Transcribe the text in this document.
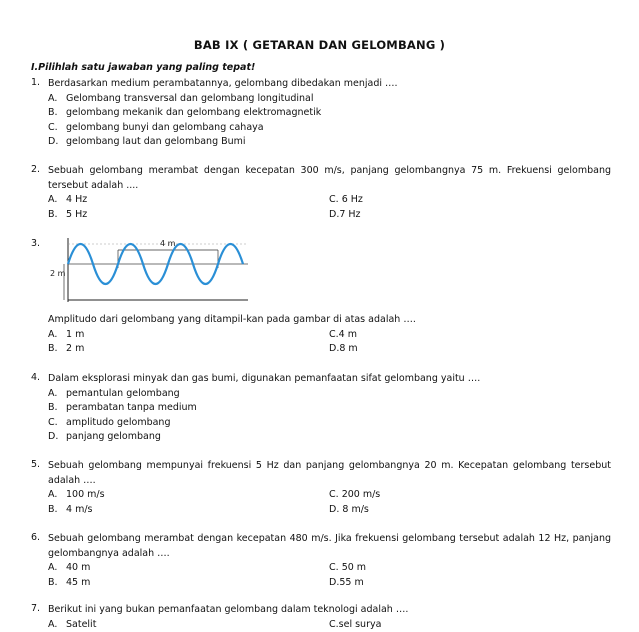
BAB IX ( GETARAN DAN GELOMBANG )
I.Pilihlah satu jawaban yang paling tepat!
1. Berdasarkan medium perambatannya, gelombang dibedakan menjadi ….
A. Gelombang transversal dan gelombang longitudinal
B. gelombang mekanik dan gelombang elektromagnetik
C. gelombang bunyi dan gelombang cahaya
D. gelombang laut dan gelombang Bumi
2. Sebuah gelombang merambat dengan kecepatan 300 m/s, panjang gelombangnya 75 m. Frekuensi gelombang tersebut adalah ....
A. 4 Hz	C. 6 Hz
B. 5 Hz	D.7 Hz
3.
2 m
4 m
Amplitudo dari gelombang yang ditampil-kan pada gambar di atas adalah ….
A. 1 m	C.4 m
B. 2 m	D.8 m
4. Dalam eksplorasi minyak dan gas bumi, digunakan pemanfaatan sifat gelombang yaitu ….
A. pemantulan gelombang
B. perambatan tanpa medium
C. amplitudo gelombang
D. panjang gelombang
5. Sebuah gelombang mempunyai frekuensi 5 Hz dan panjang gelombangnya 20 m. Kecepatan gelombang tersebut adalah ….
A. 100 m/s	C. 200 m/s
B. 4 m/s	D. 8 m/s
6. Sebuah gelombang merambat dengan kecepatan 480 m/s. Jika frekuensi gelombang tersebut adalah 12 Hz, panjang gelombangnya adalah ….
A. 40 m	C. 50 m
B. 45 m	D.55 m
7. Berikut ini yang bukan pemanfaatan gelombang dalam teknologi adalah ….
A. Satelit	C.sel surya
